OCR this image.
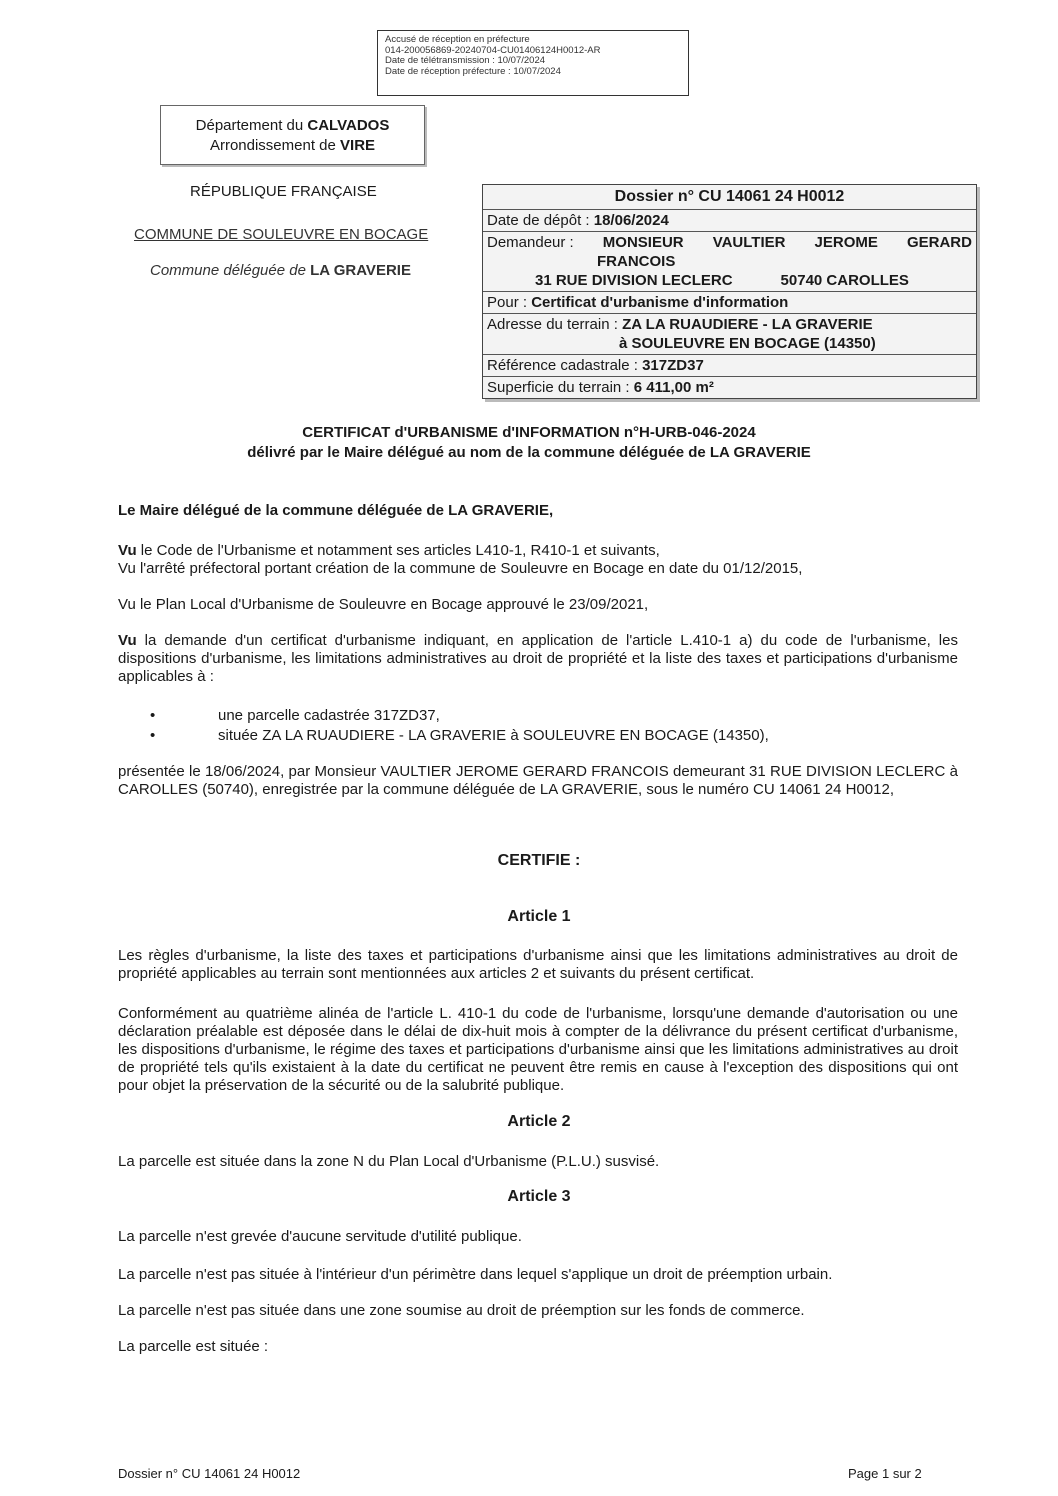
Accusé de réception en préfecture
014-200056869-20240704-CU01406124H0012-AR
Date de télétransmission : 10/07/2024
Date de réception préfecture : 10/07/2024
Département du CALVADOS
Arrondissement de VIRE
RÉPUBLIQUE FRANÇAISE
COMMUNE DE SOULEUVRE EN BOCAGE
Commune déléguée de LA GRAVERIE
Dossier n° CU 14061 24 H0012
Date de dépôt : 18/06/2024
Demandeur : MONSIEUR VAULTIER JEROME GERARD
FRANCOIS
31 RUE DIVISION LECLERC	50740 CAROLLES
Pour : Certificat d'urbanisme d'information
Adresse du terrain : ZA LA RUAUDIERE - LA GRAVERIE
à SOULEUVRE EN BOCAGE (14350)
Référence cadastrale : 317ZD37
Superficie du terrain : 6 411,00 m²
CERTIFICAT d'URBANISME d'INFORMATION n°H-URB-046-2024
délivré par le Maire délégué au nom de la commune déléguée de LA GRAVERIE
Le Maire délégué de la commune déléguée de LA GRAVERIE,
Vu le Code de l'Urbanisme et notamment ses articles L410-1, R410-1 et suivants,
Vu l'arrêté préfectoral portant création de la commune de Souleuvre en Bocage en date du 01/12/2015,
Vu le Plan Local d'Urbanisme de Souleuvre en Bocage approuvé le 23/09/2021,
Vu la demande d'un certificat d'urbanisme indiquant, en application de l'article L.410-1 a) du code de l'urbanisme, les dispositions d'urbanisme, les limitations administratives au droit de propriété et la liste des taxes et participations d'urbanisme applicables à :
•	une parcelle cadastrée 317ZD37,
•	située ZA LA RUAUDIERE - LA GRAVERIE à SOULEUVRE EN BOCAGE (14350),
présentée le 18/06/2024, par Monsieur VAULTIER JEROME GERARD FRANCOIS demeurant 31 RUE DIVISION LECLERC à CAROLLES (50740), enregistrée par la commune déléguée de LA GRAVERIE, sous le numéro CU 14061 24 H0012,
CERTIFIE :
Article 1
Les règles d'urbanisme, la liste des taxes et participations d'urbanisme ainsi que les limitations administratives au droit de propriété applicables au terrain sont mentionnées aux articles 2 et suivants du présent certificat.
Conformément au quatrième alinéa de l'article L. 410-1 du code de l'urbanisme, lorsqu'une demande d'autorisation ou une déclaration préalable est déposée dans le délai de dix-huit mois à compter de la délivrance du présent certificat d'urbanisme, les dispositions d'urbanisme, le régime des taxes et participations d'urbanisme ainsi que les limitations administratives au droit de propriété tels qu'ils existaient à la date du certificat ne peuvent être remis en cause à l'exception des dispositions qui ont pour objet la préservation de la sécurité ou de la salubrité publique.
Article 2
La parcelle est située dans la zone N du Plan Local d'Urbanisme (P.L.U.) susvisé.
Article 3
La parcelle n'est grevée d'aucune servitude d'utilité publique.
La parcelle n'est pas située à l'intérieur d'un périmètre dans lequel s'applique un droit de préemption urbain.
La parcelle n'est pas située dans une zone soumise au droit de préemption sur les fonds de commerce.
La parcelle est située :
Dossier n° CU 14061 24 H0012	Page 1 sur 2
